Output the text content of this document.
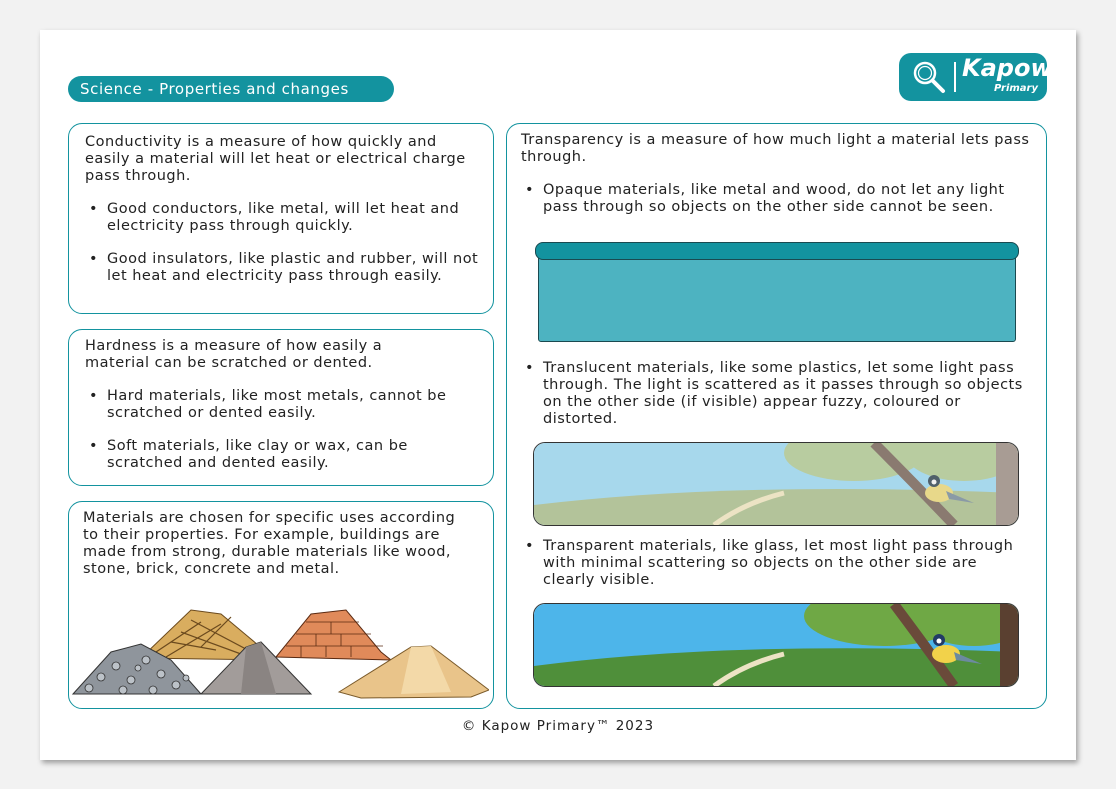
Science - Properties and changes
Kapow
Primary

Conductivity is a measure of how quickly and easily a material will let heat or electrical charge pass through.

• Good conductors, like metal, will let heat and electricity pass through quickly.

• Good insulators, like plastic and rubber, will not let heat and electricity pass through easily.

Hardness is a measure of how easily a material can be scratched or dented.

• Hard materials, like most metals, cannot be scratched or dented easily.

• Soft materials, like clay or wax, can be scratched and dented easily.

Materials are chosen for specific uses according to their properties. For example, buildings are made from strong, durable materials like wood, stone, brick, concrete and metal.

Transparency is a measure of how much light a material lets pass through.

• Opaque materials, like metal and wood, do not let any light pass through so objects on the other side cannot be seen.

• Translucent materials, like some plastics, let some light pass through. The light is scattered as it passes through so objects on the other side (if visible) appear fuzzy, coloured or distorted.

• Transparent materials, like glass, let most light pass through with minimal scattering so objects on the other side are clearly visible.

© Kapow Primary™ 2023
